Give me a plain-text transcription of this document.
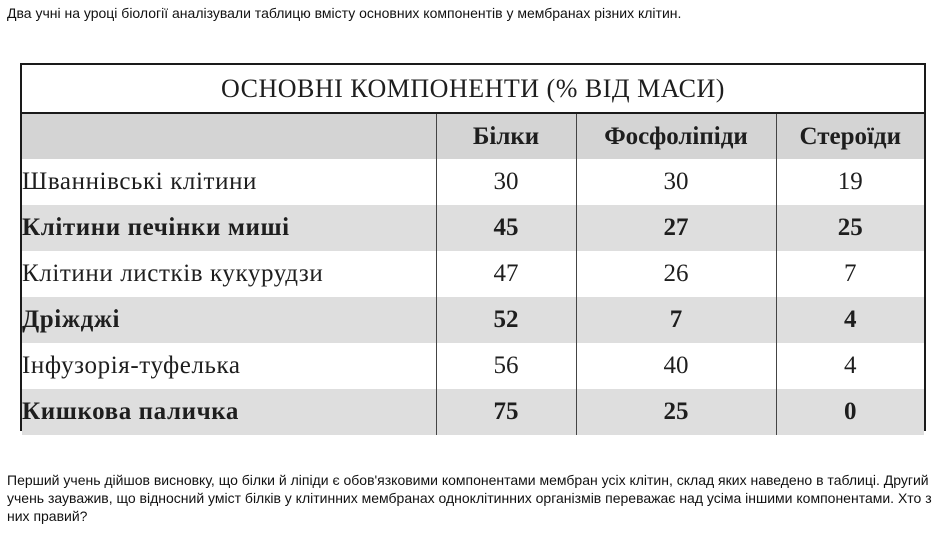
Два учні на уроці біології аналізували таблицю вмісту основних компонентів у мембранах різних клітин.
ОСНОВНІ КОМПОНЕНТИ (% ВІД МАСИ)			
	Білки	Фосфоліпіди	Стероїди
Шваннівські клітини	30	30	19
Клітини печінки миші	45	27	25
Клітини листків кукурудзи	47	26	7
Дріжджі	52	7	4
Інфузорія-туфелька	56	40	4
Кишкова паличка	75	25	0
Перший учень дійшов висновку, що білки й ліпіди є обов'язковими компонентами мембран усіх клітин, склад яких наведено в таблиці. Другий учень зауважив, що відносний уміст білків у клітинних мембранах одноклітинних організмів переважає над усіма іншими компонентами. Хто з них правий?
